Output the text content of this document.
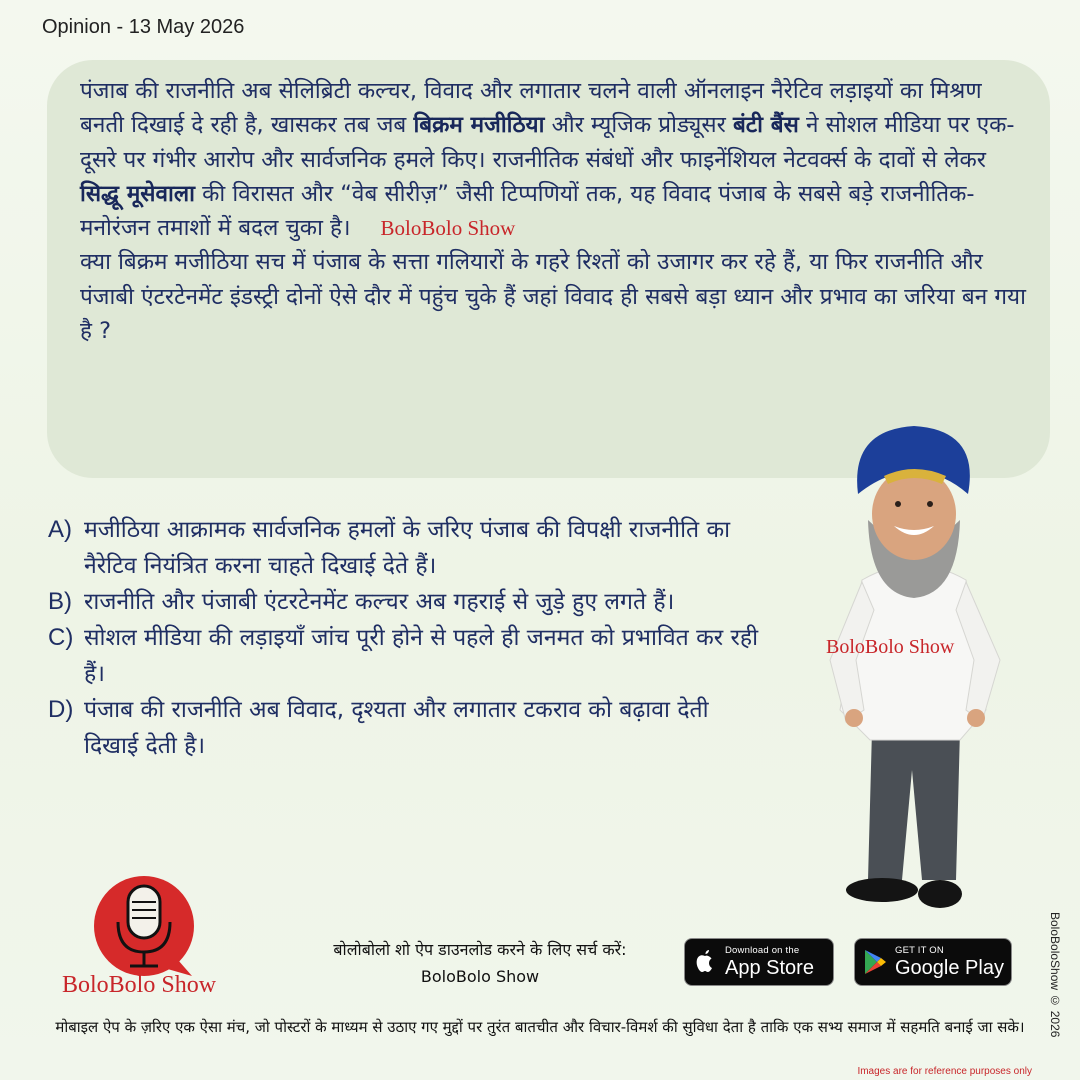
Opinion - 13 May 2026
पंजाब की राजनीति अब सेलिब्रिटी कल्चर, विवाद और लगातार चलने वाली ऑनलाइन नैरेटिव लड़ाइयों का मिश्रण बनती दिखाई दे रही है, खासकर तब जब बिक्रम मजीठिया और म्यूजिक प्रोड्यूसर बंटी बैंस ने सोशल मीडिया पर एक-दूसरे पर गंभीर आरोप और सार्वजनिक हमले किए। राजनीतिक संबंधों और फाइनेंशियल नेटवर्क्स के दावों से लेकर सिद्धू मूसेवाला की विरासत और “वेब सीरीज़” जैसी टिप्पणियों तक, यह विवाद पंजाब के सबसे बड़े राजनीतिक-मनोरंजन तमाशों में बदल चुका है। BoloBolo Show
क्या बिक्रम मजीठिया सच में पंजाब के सत्ता गलियारों के गहरे रिश्तों को उजागर कर रहे हैं, या फिर राजनीति और पंजाबी एंटरटेनमेंट इंडस्ट्री दोनों ऐसे दौर में पहुंच चुके हैं जहां विवाद ही सबसे बड़ा ध्यान और प्रभाव का जरिया बन गया है ?
A) मजीठिया आक्रामक सार्वजनिक हमलों के जरिए पंजाब की विपक्षी राजनीति का नैरेटिव नियंत्रित करना चाहते दिखाई देते हैं।
B) राजनीति और पंजाबी एंटरटेनमेंट कल्चर अब गहराई से जुड़े हुए लगते हैं।
C) सोशल मीडिया की लड़ाइयाँ जांच पूरी होने से पहले ही जनमत को प्रभावित कर रही हैं।
D) पंजाब की राजनीति अब विवाद, दृश्यता और लगातार टकराव को बढ़ावा देती दिखाई देती है।
BoloBolo Show
BoloBolo Show
बोलोबोलो शो ऐप डाउनलोड करने के लिए सर्च करें:
BoloBolo Show
Download on the
App Store
GET IT ON
Google Play
मोबाइल ऐप के ज़रिए एक ऐसा मंच, जो पोस्टरों के माध्यम से उठाए गए मुद्दों पर तुरंत बातचीत और विचार-विमर्श की सुविधा देता है ताकि एक सभ्य समाज में सहमति बनाई जा सके।	BoloBoloShow © 2026
Images are for reference purposes only
